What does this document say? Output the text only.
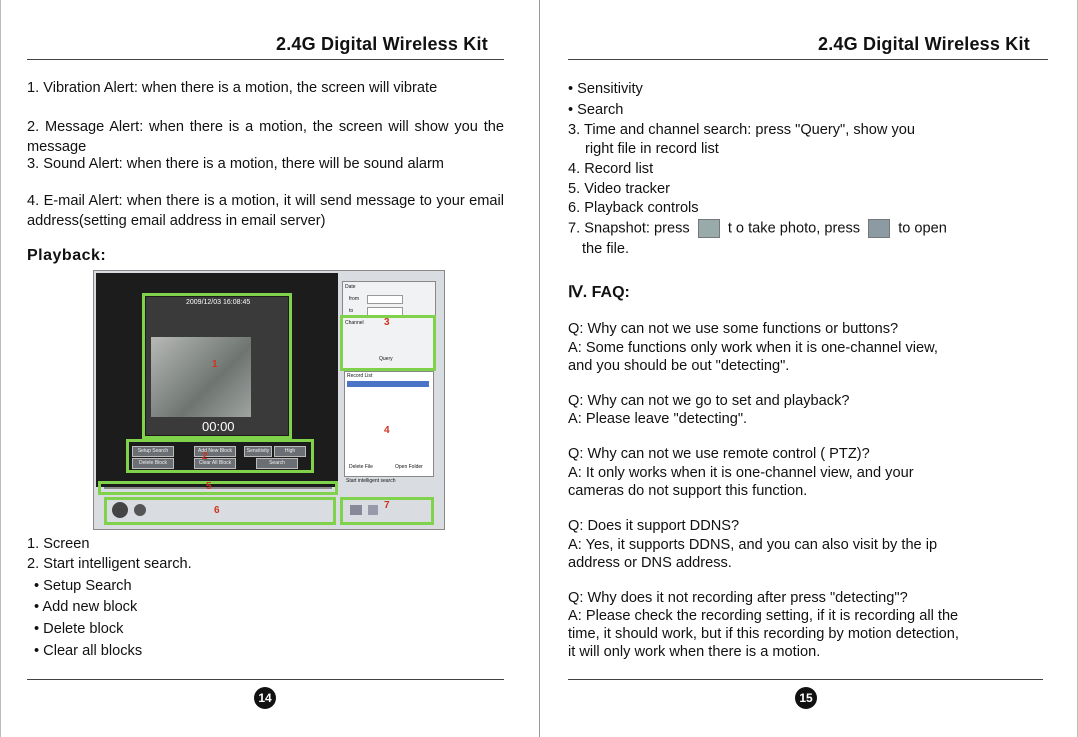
2.4G Digital Wireless Kit
1. Vibration Alert: when there is a motion, the screen will vibrate
2. Message Alert: when there is a motion, the screen will show you the message
3. Sound Alert: when there is a motion, there will be sound alarm
4. E-mail Alert: when there is a motion, it will send message to your email address(setting email address in email server)
Playback:
2009/12/03 16:08:45
00:00
1
Setup Search	Add New Block	Sensitivity	High
Delete Block	Clear All Block	Search
2
Date
from
to
Channel
Query
3
Record List
Delete File	Open Folder
4
Start intelligent search
5
6	7
1. Screen
2. Start intelligent search.
• Setup Search
• Add new block
• Delete block
• Clear all blocks
14
2.4G Digital Wireless Kit
• Sensitivity
• Search
3. Time and channel search: press "Query", show you
right file in record list
4. Record list
5. Video tracker
6. Playback controls
7. Snapshot: press	t o take photo, press	to open
the file.
Ⅳ. FAQ:
Q: Why can not we use some functions or buttons?
A: Some functions only work when it is one-channel view,
and you should be out "detecting".
Q: Why can not we go to set and playback?
A: Please leave "detecting".
Q: Why can not we use remote control ( PTZ)?
A: It only works when it is one-channel view, and your
cameras do not support this function.
Q: Does it support DDNS?
A: Yes, it supports DDNS, and you can also visit by the ip
address or DNS address.
Q: Why does it not recording after press "detecting"?
A: Please check the recording setting, if it is recording all the
time, it should work, but if this recording by motion detection,
it will only work when there is a motion.
15
